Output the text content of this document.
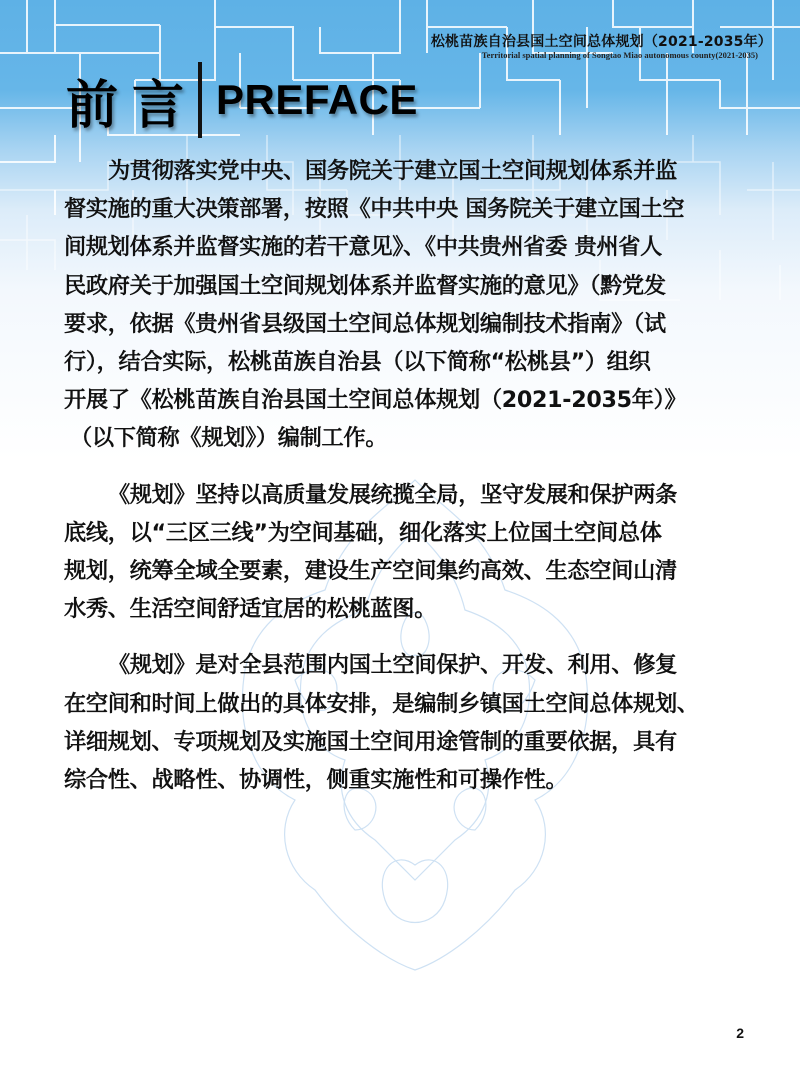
松桃苗族自治县国土空间总体规划（2021-2035年）
Territorial spatial planning of Songtao Miao autonomous county(2021-2035)
前言 PREFACE
为贯彻落实党中央、国务院关于建立国土空间规划体系并监
督实施的重大决策部署，按照《中共中央 国务院关于建立国土空
间规划体系并监督实施的若干意见》、《中共贵州省委 贵州省人
民政府关于加强国土空间规划体系并监督实施的意见》（黔党发
要求，依据《贵州省县级国土空间总体规划编制技术指南》（试
行），结合实际，松桃苗族自治县（以下简称“松桃县”）组织
开展了《松桃苗族自治县国土空间总体规划（2021-2035年）》
（以下简称《规划》）编制工作。
《规划》坚持以高质量发展统揽全局，坚守发展和保护两条
底线，以“三区三线”为空间基础，细化落实上位国土空间总体
规划，统筹全域全要素，建设生产空间集约高效、生态空间山清
水秀、生活空间舒适宜居的松桃蓝图。
《规划》是对全县范围内国土空间保护、开发、利用、修复
在空间和时间上做出的具体安排，是编制乡镇国土空间总体规划、
详细规划、专项规划及实施国土空间用途管制的重要依据，具有
综合性、战略性、协调性，侧重实施性和可操作性。
2
